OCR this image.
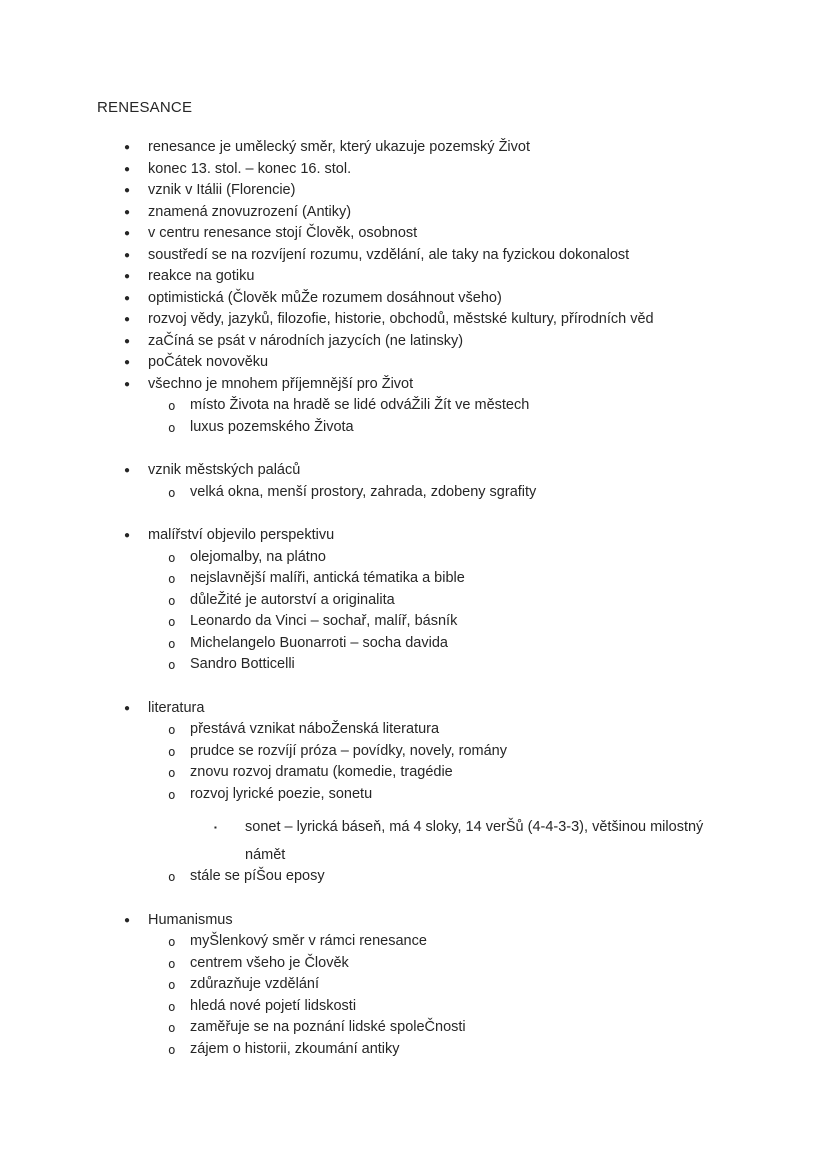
RENESANCE
● renesance je umělecký směr, který ukazuje pozemský Život
● konec 13. stol. – konec 16. stol.
● vznik v Itálii (Florencie)
● znamená znovuzrození (Antiky)
● v centru renesance stojí Člověk, osobnost
● soustředí se na rozvíjení rozumu, vzdělání, ale taky na fyzickou dokonalost
● reakce na gotiku
● optimistická (Člověk můŽe rozumem dosáhnout všeho)
● rozvoj vědy, jazyků, filozofie, historie, obchodů, městské kultury, přírodních věd
● zaČíná se psát v národních jazycích (ne latinsky)
● poČátek novověku
● všechno je mnohem příjemnější pro Život
o místo Života na hradě se lidé odváŽili Žít ve městech
o luxus pozemského Života
● vznik městských paláců
o velká okna, menší prostory, zahrada, zdobeny sgrafity
● malířství objevilo perspektivu
o olejomalby, na plátno
o nejslavnější malíři, antická tématika a bible
o důleŽité je autorství a originalita
o Leonardo da Vinci – sochař, malíř, básník
o Michelangelo Buonarroti – socha davida
o Sandro Botticelli
● literatura
o přestává vznikat náboŽenská literatura
o prudce se rozvíjí próza – povídky, novely, romány
o znovu rozvoj dramatu (komedie, tragédie
o rozvoj lyrické poezie, sonetu
▪ sonet – lyrická báseň, má 4 sloky, 14 verŠů (4-4-3-3), většinou milostný
námět
o stále se píŠou eposy
● Humanismus
o myŠlenkový směr v rámci renesance
o centrem všeho je Člověk
o zdůrazňuje vzdělání
o hledá nové pojetí lidskosti
o zaměřuje se na poznání lidské spoleČnosti
o zájem o historii, zkoumání antiky
